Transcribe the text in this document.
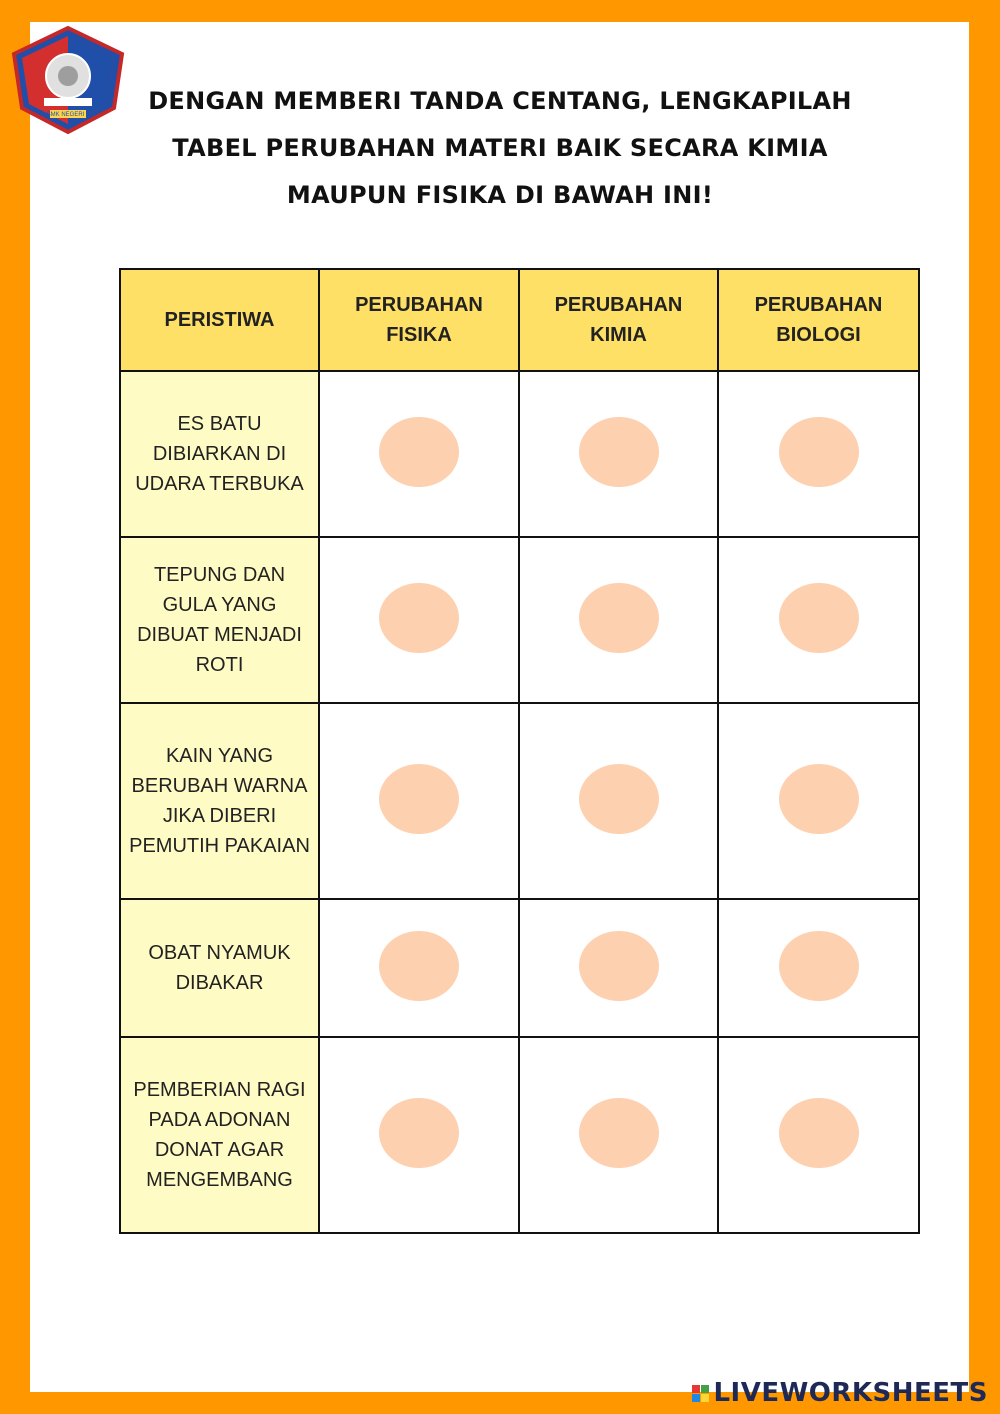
SMK NEGERI 1	DENGAN MEMBERI TANDA CENTANG, LENGKAPILAH TABEL PERUBAHAN MATERI BAIK SECARA KIMIA MAUPUN FISIKA DI BAWAH INI!

PERISTIWA	PERUBAHAN FISIKA	PERUBAHAN KIMIA	PERUBAHAN BIOLOGI
ES BATU DIBIARKAN DI UDARA TERBUKA			
TEPUNG DAN GULA YANG DIBUAT MENJADI ROTI			
KAIN YANG BERUBAH WARNA JIKA DIBERI PEMUTIH PAKAIAN			
OBAT NYAMUK DIBAKAR			
PEMBERIAN RAGI PADA ADONAN DONAT AGAR MENGEMBANG			
LIVEWORKSHEETS
